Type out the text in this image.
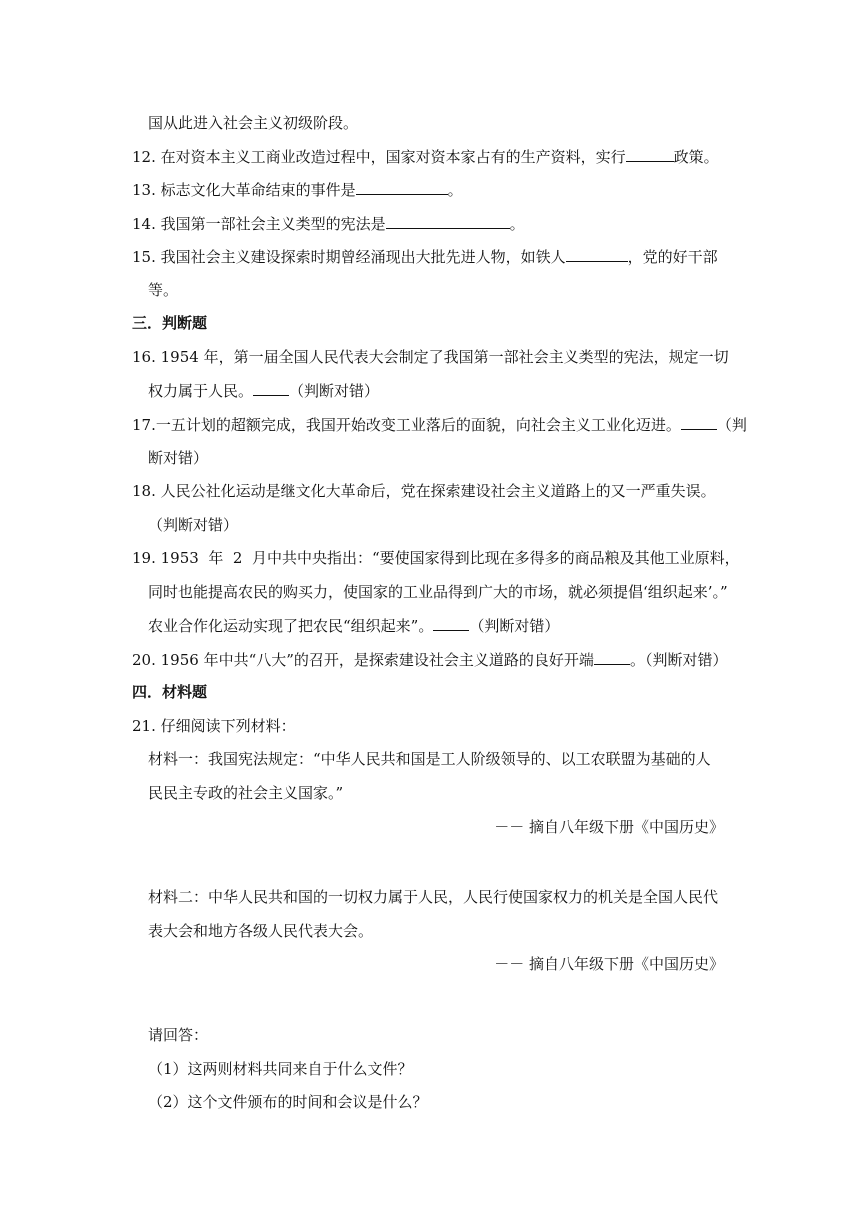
国从此进入社会主义初级阶段。
12. 在对资本主义工商业改造过程中，国家对资本家占有的生产资料，实行	政策。
13. 标志文化大革命结束的事件是	。
14. 我国第一部社会主义类型的宪法是	。
15. 我国社会主义建设探索时期曾经涌现出大批先进人物，如铁人	，党的好干部
等。
三．判断题
16. 1954 年，第一届全国人民代表大会制定了我国第一部社会主义类型的宪法，规定一切
权力属于人民。 （判断对错）
17.一五计划的超额完成，我国开始改变工业落后的面貌，向社会主义工业化迈进。 （判
断对错）
18. 人民公社化运动是继文化大革命后，党在探索建设社会主义道路上的又一严重失误。
（判断对错）
19. 1953  年  2  月中共中央指出：“要使国家得到比现在多得多的商品粮及其他工业原料，
同时也能提高农民的购买力，使国家的工业品得到广大的市场，就必须提倡‘组织起来’。”
农业合作化运动实现了把农民“组织起来”。 （判断对错）
20. 1956 年中共“八大”的召开，是探索建设社会主义道路的良好开端 。（判断对错）
四．材料题
21. 仔细阅读下列材料：
材料一：我国宪法规定：“中华人民共和国是工人阶级领导的、以工农联盟为基础的人
民民主专政的社会主义国家。”
－－ 摘自八年级下册《中国历史》
材料二：中华人民共和国的一切权力属于人民，人民行使国家权力的机关是全国人民代
表大会和地方各级人民代表大会。
－－ 摘自八年级下册《中国历史》
请回答：
（1）这两则材料共同来自于什么文件？
（2）这个文件颁布的时间和会议是什么？
